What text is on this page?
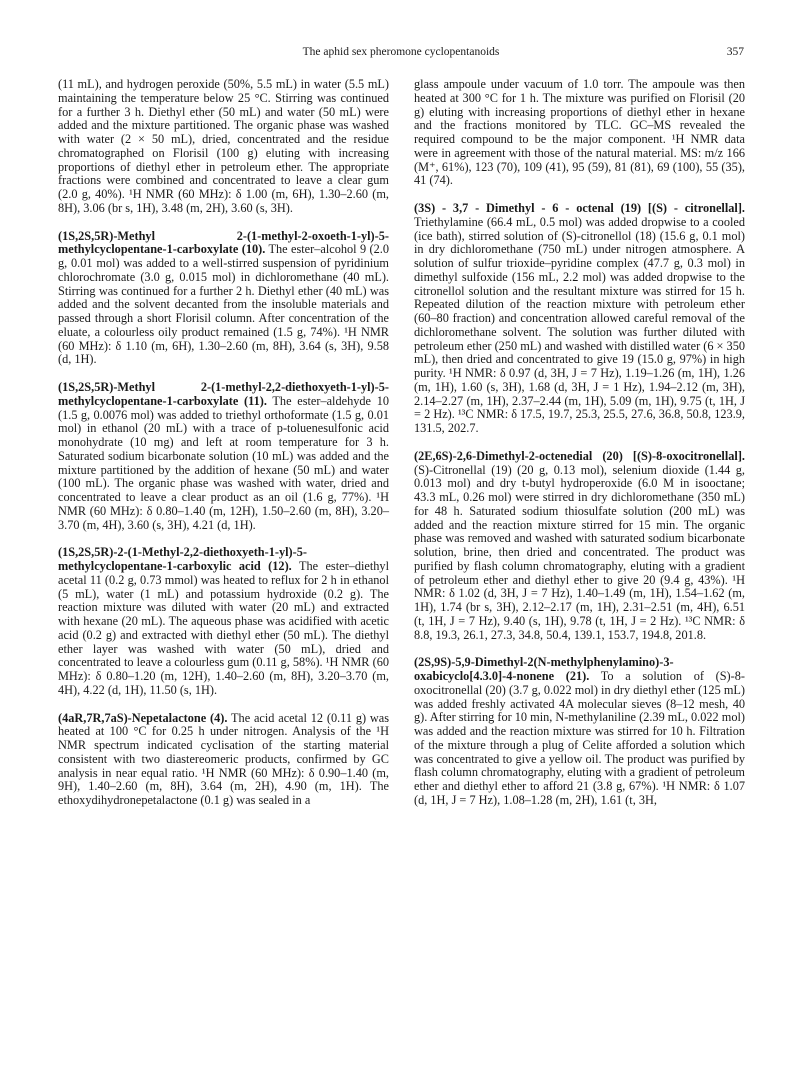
The aphid sex pheromone cyclopentanoids	357

(11 mL), and hydrogen peroxide (50%, 5.5 mL) in water (5.5 mL) maintaining the temperature below 25 °C. Stirring was continued for a further 3 h. Diethyl ether (50 mL) and water (50 mL) were added and the mixture partitioned. The organic phase was washed with water (2 × 50 mL), dried, concentrated and the residue chromatographed on Florisil (100 g) eluting with increasing proportions of diethyl ether in petroleum ether. The appropriate fractions were combined and concentrated to leave a clear gum (2.0 g, 40%). ¹H NMR (60 MHz): δ 1.00 (m, 6H), 1.30–2.60 (m, 8H), 3.06 (br s, 1H), 3.48 (m, 2H), 3.60 (s, 3H).

(1S,2S,5R)-Methyl 2-(1-methyl-2-oxoeth-1-yl)-5-methylcyclopentane-1-carboxylate (10). The ester–alcohol 9 (2.0 g, 0.01 mol) was added to a well-stirred suspension of pyridinium chlorochromate (3.0 g, 0.015 mol) in dichloromethane (40 mL). Stirring was continued for a further 2 h. Diethyl ether (40 mL) was added and the solvent decanted from the insoluble materials and passed through a short Florisil column. After concentration of the eluate, a colourless oily product remained (1.5 g, 74%). ¹H NMR (60 MHz): δ 1.10 (m, 6H), 1.30–2.60 (m, 8H), 3.64 (s, 3H), 9.58 (d, 1H).

(1S,2S,5R)-Methyl 2-(1-methyl-2,2-diethoxyeth-1-yl)-5-methylcyclopentane-1-carboxylate (11). The ester–aldehyde 10 (1.5 g, 0.0076 mol) was added to triethyl orthoformate (1.5 g, 0.01 mol) in ethanol (20 mL) with a trace of p-toluenesulfonic acid monohydrate (10 mg) and left at room temperature for 3 h. Saturated sodium bicarbonate solution (10 mL) was added and the mixture partitioned by the addition of hexane (50 mL) and water (100 mL). The organic phase was washed with water, dried and concentrated to leave a clear product as an oil (1.6 g, 77%). ¹H NMR (60 MHz): δ 0.80–1.40 (m, 12H), 1.50–2.60 (m, 8H), 3.20–3.70 (m, 4H), 3.60 (s, 3H), 4.21 (d, 1H).

(1S,2S,5R)-2-(1-Methyl-2,2-diethoxyeth-1-yl)-5-methylcyclopentane-1-carboxylic acid (12). The ester–diethyl acetal 11 (0.2 g, 0.73 mmol) was heated to reflux for 2 h in ethanol (5 mL), water (1 mL) and potassium hydroxide (0.2 g). The reaction mixture was diluted with water (20 mL) and extracted with hexane (20 mL). The aqueous phase was acidified with acetic acid (0.2 g) and extracted with diethyl ether (50 mL). The diethyl ether layer was washed with water (50 mL), dried and concentrated to leave a colourless gum (0.11 g, 58%). ¹H NMR (60 MHz): δ 0.80–1.20 (m, 12H), 1.40–2.60 (m, 8H), 3.20–3.70 (m, 4H), 4.22 (d, 1H), 11.50 (s, 1H).

(4aR,7R,7aS)-Nepetalactone (4). The acid acetal 12 (0.11 g) was heated at 100 °C for 0.25 h under nitrogen. Analysis of the ¹H NMR spectrum indicated cyclisation of the starting material consistent with two diastereomeric products, confirmed by GC analysis in near equal ratio. ¹H NMR (60 MHz): δ 0.90–1.40 (m, 9H), 1.40–2.60 (m, 8H), 3.64 (m, 2H), 4.90 (m, 1H). The ethoxydihydronepetalactone (0.1 g) was sealed in a

glass ampoule under vacuum of 1.0 torr. The ampoule was then heated at 300 °C for 1 h. The mixture was purified on Florisil (20 g) eluting with increasing proportions of diethyl ether in hexane and the fractions monitored by TLC. GC–MS revealed the required compound to be the major component. ¹H NMR data were in agreement with those of the natural material. MS: m/z 166 (M⁺, 61%), 123 (70), 109 (41), 95 (59), 81 (81), 69 (100), 55 (35), 41 (74).

(3S) - 3,7 - Dimethyl - 6 - octenal (19) [(S) - citronellal]. Triethylamine (66.4 mL, 0.5 mol) was added dropwise to a cooled (ice bath), stirred solution of (S)-citronellol (18) (15.6 g, 0.1 mol) in dry dichloromethane (750 mL) under nitrogen atmosphere. A solution of sulfur trioxide–pyridine complex (47.7 g, 0.3 mol) in dimethyl sulfoxide (156 mL, 2.2 mol) was added dropwise to the citronellol solution and the resultant mixture was stirred for 15 h. Repeated dilution of the reaction mixture with petroleum ether (60–80 fraction) and concentration allowed careful removal of the dichloromethane solvent. The solution was further diluted with petroleum ether (250 mL) and washed with distilled water (6 × 350 mL), then dried and concentrated to give 19 (15.0 g, 97%) in high purity. ¹H NMR: δ 0.97 (d, 3H, J = 7 Hz), 1.19–1.26 (m, 1H), 1.26 (m, 1H), 1.60 (s, 3H), 1.68 (d, 3H, J = 1 Hz), 1.94–2.12 (m, 3H), 2.14–2.27 (m, 1H), 2.37–2.44 (m, 1H), 5.09 (m, 1H), 9.75 (t, 1H, J = 2 Hz). ¹³C NMR: δ 17.5, 19.7, 25.3, 25.5, 27.6, 36.8, 50.8, 123.9, 131.5, 202.7.

(2E,6S)-2,6-Dimethyl-2-octenedial (20) [(S)-8-oxocitronellal]. (S)-Citronellal (19) (20 g, 0.13 mol), selenium dioxide (1.44 g, 0.013 mol) and dry t-butyl hydroperoxide (6.0 M in isooctane; 43.3 mL, 0.26 mol) were stirred in dry dichloromethane (350 mL) for 48 h. Saturated sodium thiosulfate solution (200 mL) was added and the reaction mixture stirred for 15 min. The organic phase was removed and washed with saturated sodium bicarbonate solution, brine, then dried and concentrated. The product was purified by flash column chromatography, eluting with a gradient of petroleum ether and diethyl ether to give 20 (9.4 g, 43%). ¹H NMR: δ 1.02 (d, 3H, J = 7 Hz), 1.40–1.49 (m, 1H), 1.54–1.62 (m, 1H), 1.74 (br s, 3H), 2.12–2.17 (m, 1H), 2.31–2.51 (m, 4H), 6.51 (t, 1H, J = 7 Hz), 9.40 (s, 1H), 9.78 (t, 1H, J = 2 Hz). ¹³C NMR: δ 8.8, 19.3, 26.1, 27.3, 34.8, 50.4, 139.1, 153.7, 194.8, 201.8.

(2S,9S)-5,9-Dimethyl-2(N-methylphenylamino)-3-oxabicyclo[4.3.0]-4-nonene (21). To a solution of (S)-8-oxocitronellal (20) (3.7 g, 0.022 mol) in dry diethyl ether (125 mL) was added freshly activated 4A molecular sieves (8–12 mesh, 40 g). After stirring for 10 min, N-methylaniline (2.39 mL, 0.022 mol) was added and the reaction mixture was stirred for 10 h. Filtration of the mixture through a plug of Celite afforded a solution which was concentrated to give a yellow oil. The product was purified by flash column chromatography, eluting with a gradient of petroleum ether and diethyl ether to afford 21 (3.8 g, 67%). ¹H NMR: δ 1.07 (d, 1H, J = 7 Hz), 1.08–1.28 (m, 2H), 1.61 (t, 3H,
